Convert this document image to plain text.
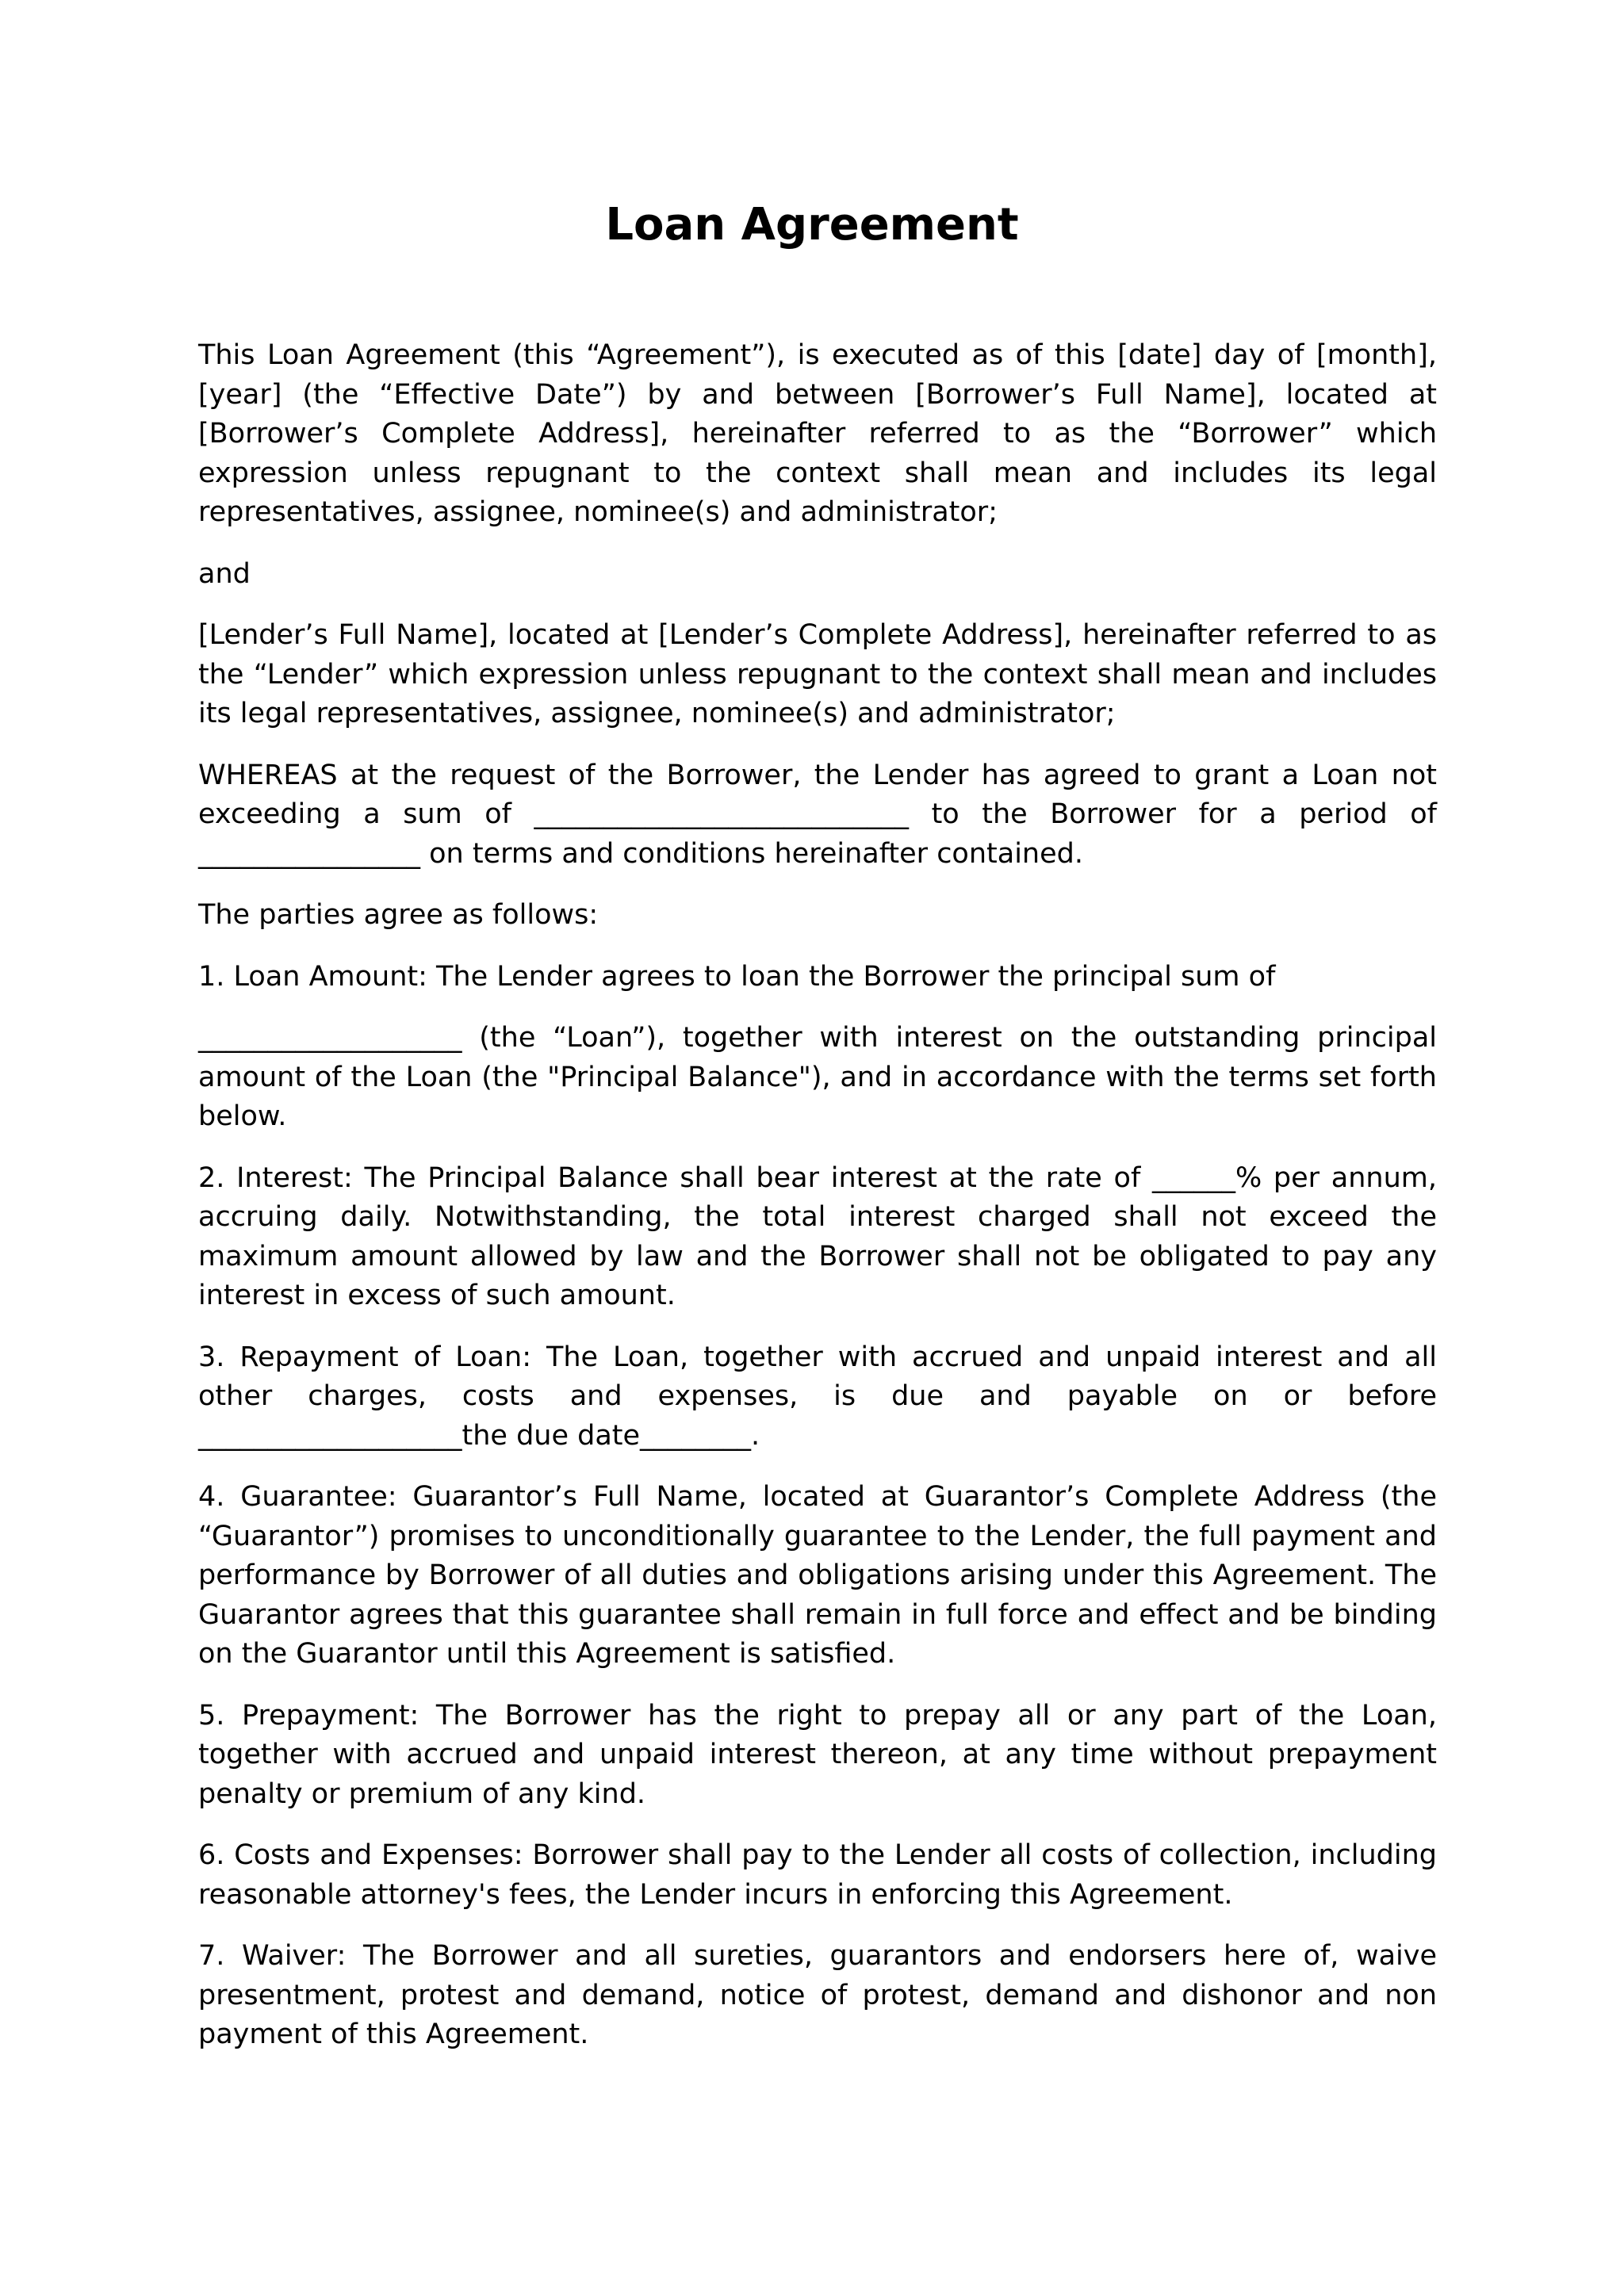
Loan Agreement

This Loan Agreement (this “Agreement”), is executed as of this [date] day of [month], [year] (the “Effective Date”) by and between [Borrower’s Full Name], located at [Borrower’s Complete Address], hereinafter referred to as the “Borrower” which expression unless repugnant to the context shall mean and includes its legal representatives, assignee, nominee(s) and administrator;

and

[Lender’s Full Name], located at [Lender’s Complete Address], hereinafter referred to as the “Lender” which expression unless repugnant to the context shall mean and includes its legal representatives, assignee, nominee(s) and administrator;

WHEREAS at the request of the Borrower, the Lender has agreed to grant a Loan not exceeding a sum of ___________________________ to the Borrower for a period of ________________ on terms and conditions hereinafter contained.

The parties agree as follows:

1. Loan Amount: The Lender agrees to loan the Borrower the principal sum of

___________________ (the “Loan”), together with interest on the outstanding principal amount of the Loan (the "Principal Balance"), and in accordance with the terms set forth below.

2. Interest: The Principal Balance shall bear interest at the rate of ______% per annum, accruing daily. Notwithstanding, the total interest charged shall not exceed the maximum amount allowed by law and the Borrower shall not be obligated to pay any interest in excess of such amount.

3. Repayment of Loan: The Loan, together with accrued and unpaid interest and all other charges, costs and expenses, is due and payable on or before ___________________the due date________.

4. Guarantee: Guarantor’s Full Name, located at Guarantor’s Complete Address (the “Guarantor”) promises to unconditionally guarantee to the Lender, the full payment and performance by Borrower of all duties and obligations arising under this Agreement. The Guarantor agrees that this guarantee shall remain in full force and effect and be binding on the Guarantor until this Agreement is satisfied.

5. Prepayment: The Borrower has the right to prepay all or any part of the Loan, together with accrued and unpaid interest thereon, at any time without prepayment penalty or premium of any kind.

6. Costs and Expenses: Borrower shall pay to the Lender all costs of collection, including reasonable attorney's fees, the Lender incurs in enforcing this Agreement.

7. Waiver: The Borrower and all sureties, guarantors and endorsers here of, waive presentment, protest and demand, notice of protest, demand and dishonor and non payment of this Agreement.
